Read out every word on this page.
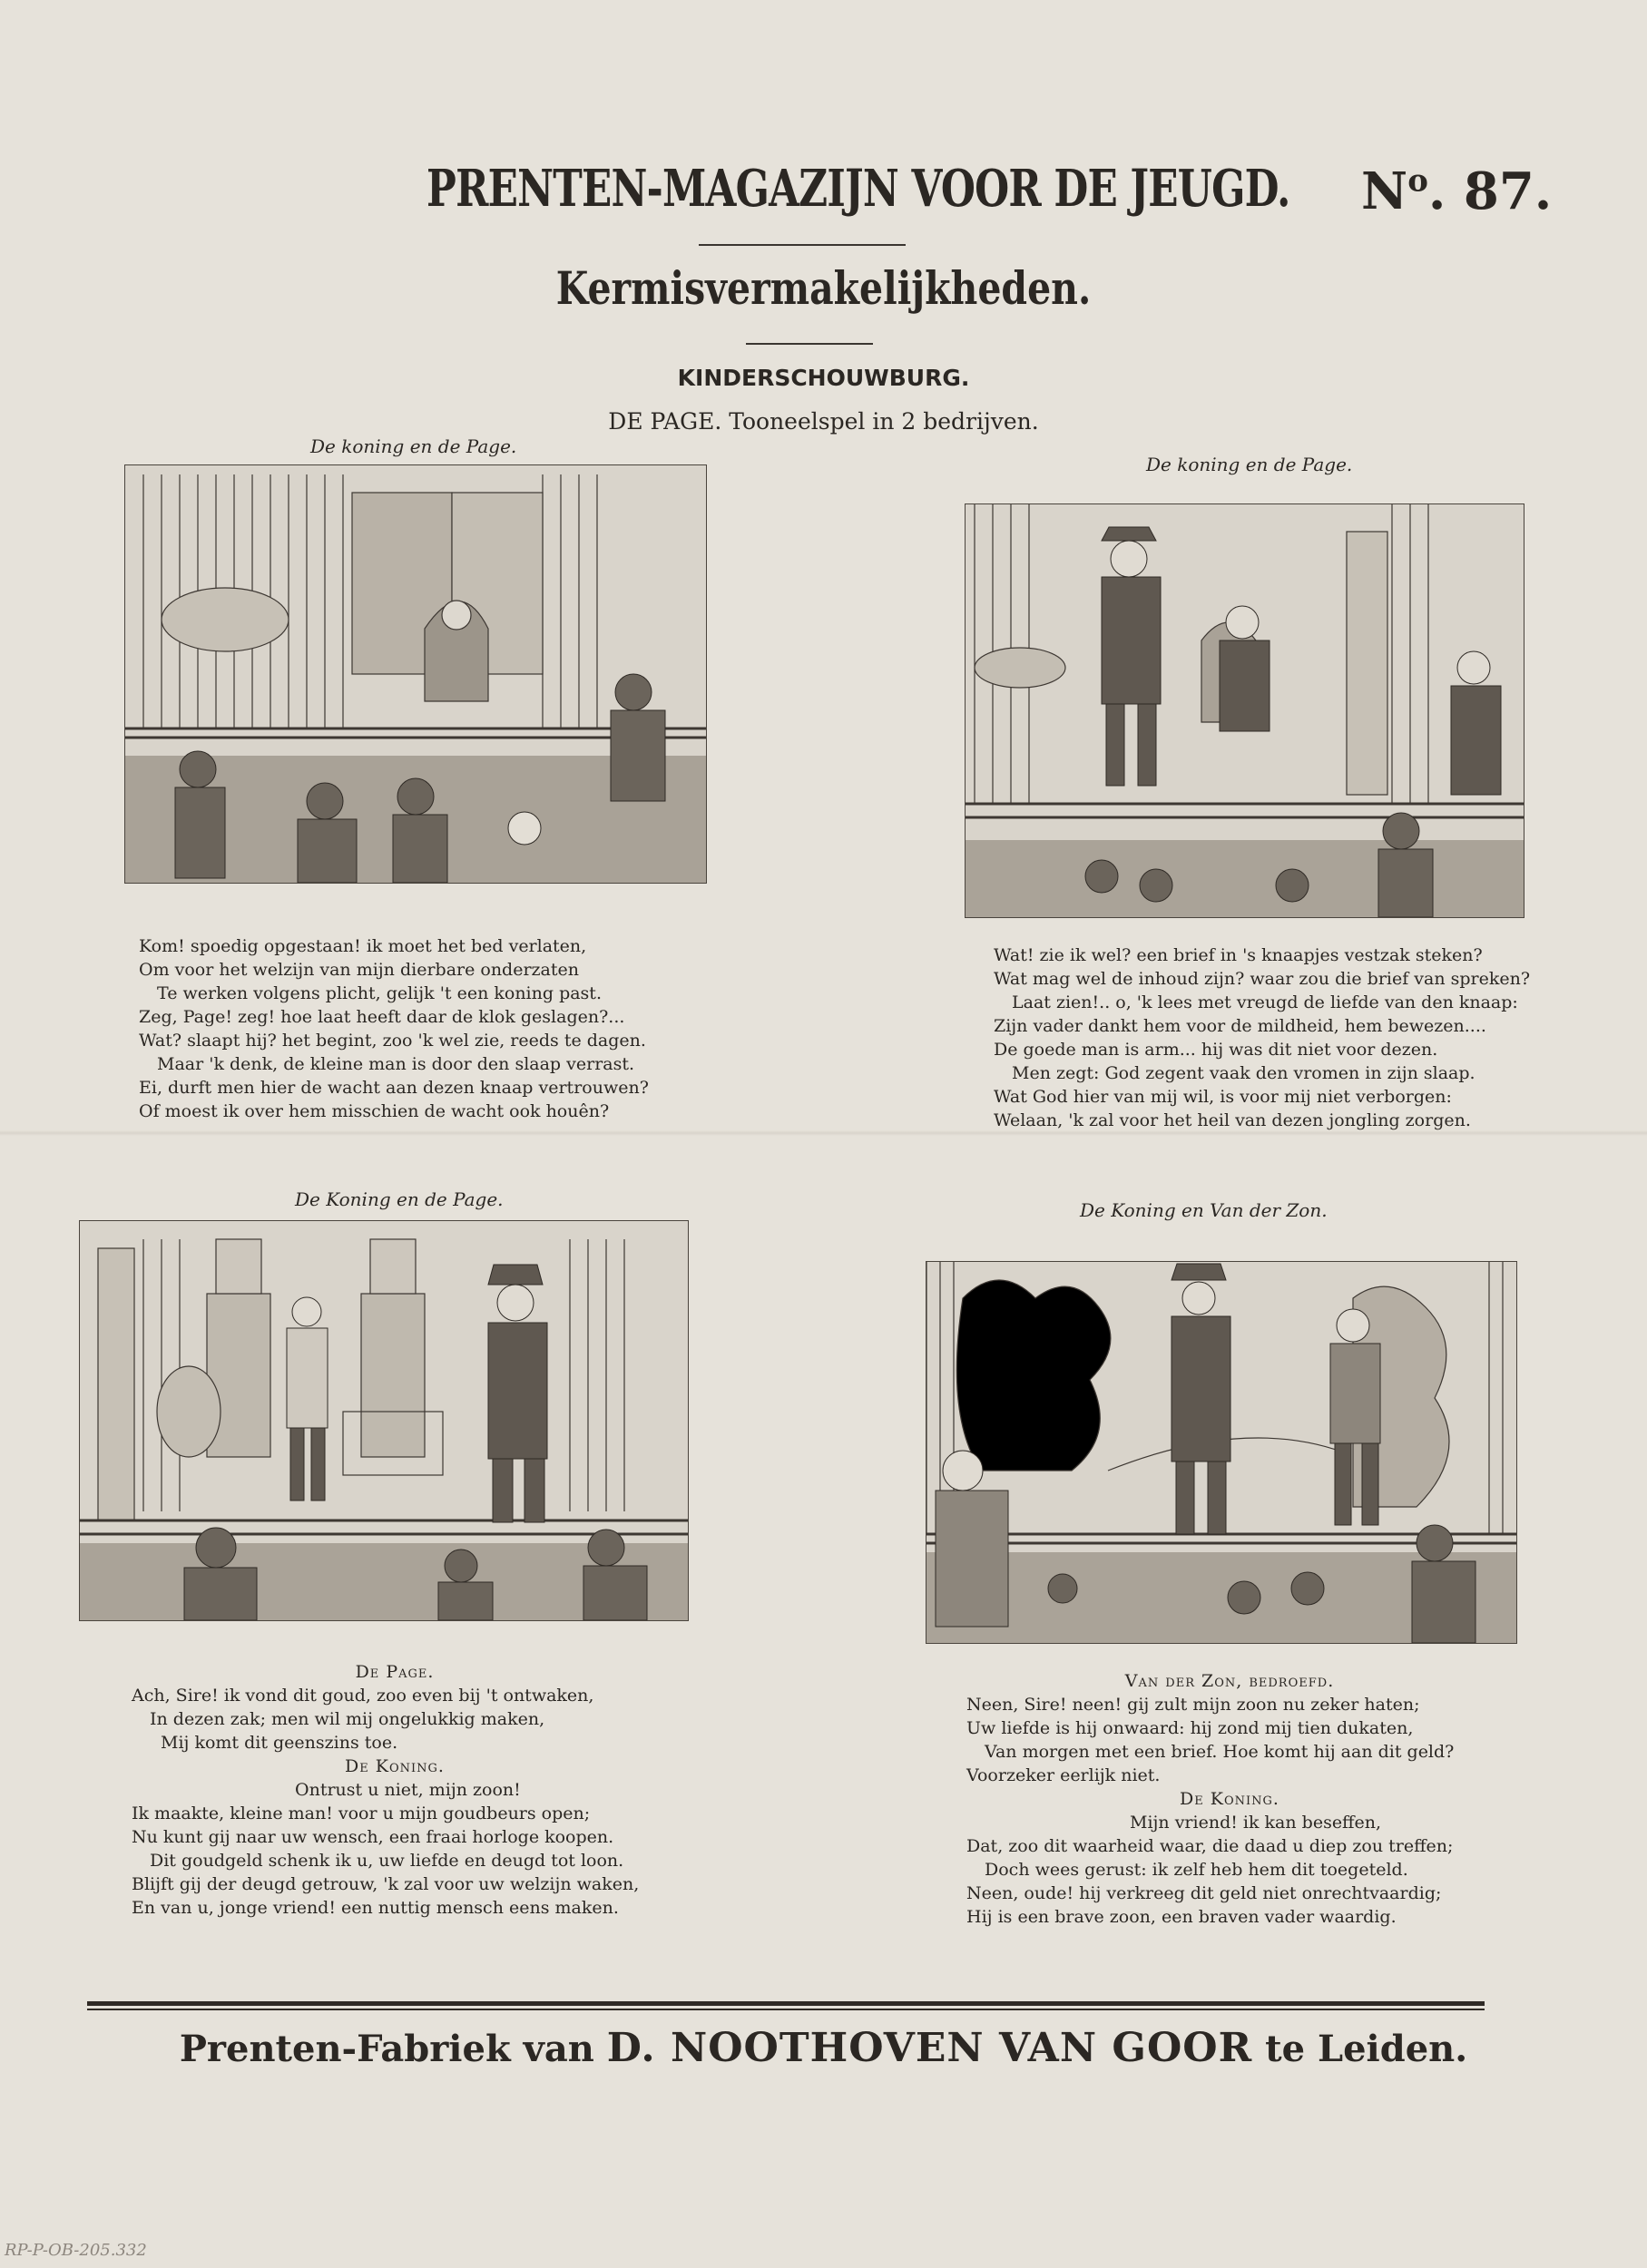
PRENTEN-MAGAZIJN VOOR DE JEUGD. $N^o$. 87.
Kermisvermakelijkheden.
KINDERSCHOUWBURG.
DE PAGE. Tooneelspel in 2 bedrijven.
De koning en de Page.
Kom! spoedig opgestaan! ik moet het bed verlaten,
Om voor het welzijn van mijn dierbare onderzaten
Te werken volgens plicht, gelijk 't een koning past.
Zeg, Page! zeg! hoe laat heeft daar de klok geslagen?...
Wat? slaapt hij? het begint, zoo 'k wel zie, reeds te dagen.
Maar 'k denk, de kleine man is door den slaap verrast.
Ei, durft men hier de wacht aan dezen knaap vertrouwen?
Of moest ik over hem misschien de wacht ook houên?
De koning en de Page.
Wat! zie ik wel? een brief in 's knaapjes vestzak steken?
Wat mag wel de inhoud zijn? waar zou die brief van spreken?
Laat zien!.. o, 'k lees met vreugd de liefde van den knaap:
Zijn vader dankt hem voor de mildheid, hem bewezen....
De goede man is arm... hij was dit niet voor dezen.
Men zegt: God zegent vaak den vromen in zijn slaap.
Wat God hier van mij wil, is voor mij niet verborgen:
Welaan, 'k zal voor het heil van dezen jongling zorgen.
De Koning en de Page.
De Page.
Ach, Sire! ik vond dit goud, zoo even bij 't ontwaken,
In dezen zak; men wil mij ongelukkig maken,
Mij komt dit geenszins toe.
De Koning.
Ontrust u niet, mijn zoon!
Ik maakte, kleine man! voor u mijn goudbeurs open;
Nu kunt gij naar uw wensch, een fraai horloge koopen.
Dit goudgeld schenk ik u, uw liefde en deugd tot loon.
Blijft gij der deugd getrouw, 'k zal voor uw welzijn waken,
En van u, jonge vriend! een nuttig mensch eens maken.
De Koning en Van der Zon.
Van der Zon, bedroefd.
Neen, Sire! neen! gij zult mijn zoon nu zeker haten;
Uw liefde is hij onwaard: hij zond mij tien dukaten,
Van morgen met een brief. Hoe komt hij aan dit geld?
Voorzeker eerlijk niet.
De Koning.
Mijn vriend! ik kan beseffen,
Dat, zoo dit waarheid waar, die daad u diep zou treffen;
Doch wees gerust: ik zelf heb hem dit toegeteld.
Neen, oude! hij verkreeg dit geld niet onrechtvaardig;
Hij is een brave zoon, een braven vader waardig.
Prenten-Fabriek van D. NOOTHOVEN VAN GOOR te Leiden.
RP-P-OB-205.332
